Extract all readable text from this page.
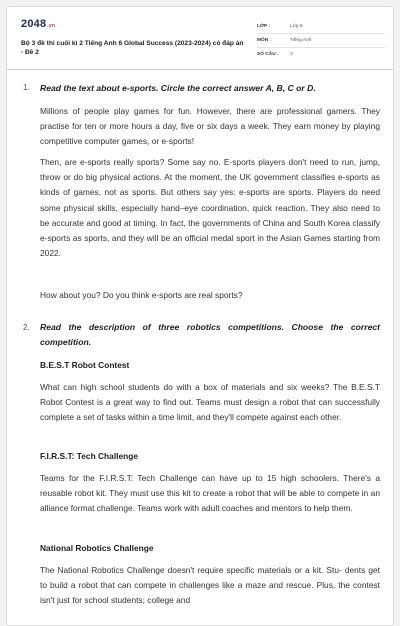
2048.vn
Bộ 3 đề thi cuối kì 2 Tiếng Anh 6 Global Success (2023-2024) có đáp án - Đề 2
LỚP :	Lớp 6
MÔN :	Tiếng Anh
SỐ CÂU :	3
1. Read the text about e-sports. Circle the correct answer A, B, C or D.

Millions of people play games for fun. However, there are professional gamers. They practise for ten or more hours a day, five or six days a week. They earn money by playing competitive computer games, or e-sports!

Then, are e-sports really sports? Some say no. E-sports players don't need to run, jump, throw or do big physical actions. At the moment, the UK government classifies e-sports as kinds of games, not as sports. But others say yes: e-sports are sports. Players do need some physical skills, especially hand–eye coordination, quick reaction. They also need to be accurate and good at timing. In fact, the governments of China and South Korea classify e-sports as sports, and they will be an official medal sport in the Asian Games starting from 2022.

How about you? Do you think e-sports are real sports?

2. Read the description of three robotics competitions. Choose the correct competition.
B.E.S.T Robot Contest

What can high school students do with a box of materials and six weeks? The B.E.S.T Robot Contest is a great way to find out. Teams must design a robot that can successfully complete a set of tasks within a time limit, and they'll compete against each other.

F.I.R.S.T: Tech Challenge

Teams for the F.I.R.S.T: Tech Challenge can have up to 15 high schoolers. There's a reusable robot kit. They must use this kit to create a robot that will be able to compete in an alliance format challenge. Teams work with adult coaches and mentors to help them.

National Robotics Challenge

The National Robotics Challenge doesn't require specific materials or a kit. Stu- dents get to build a robot that can compete in challenges like a maze and rescue. Plus, the contest isn't just for school students; college and
